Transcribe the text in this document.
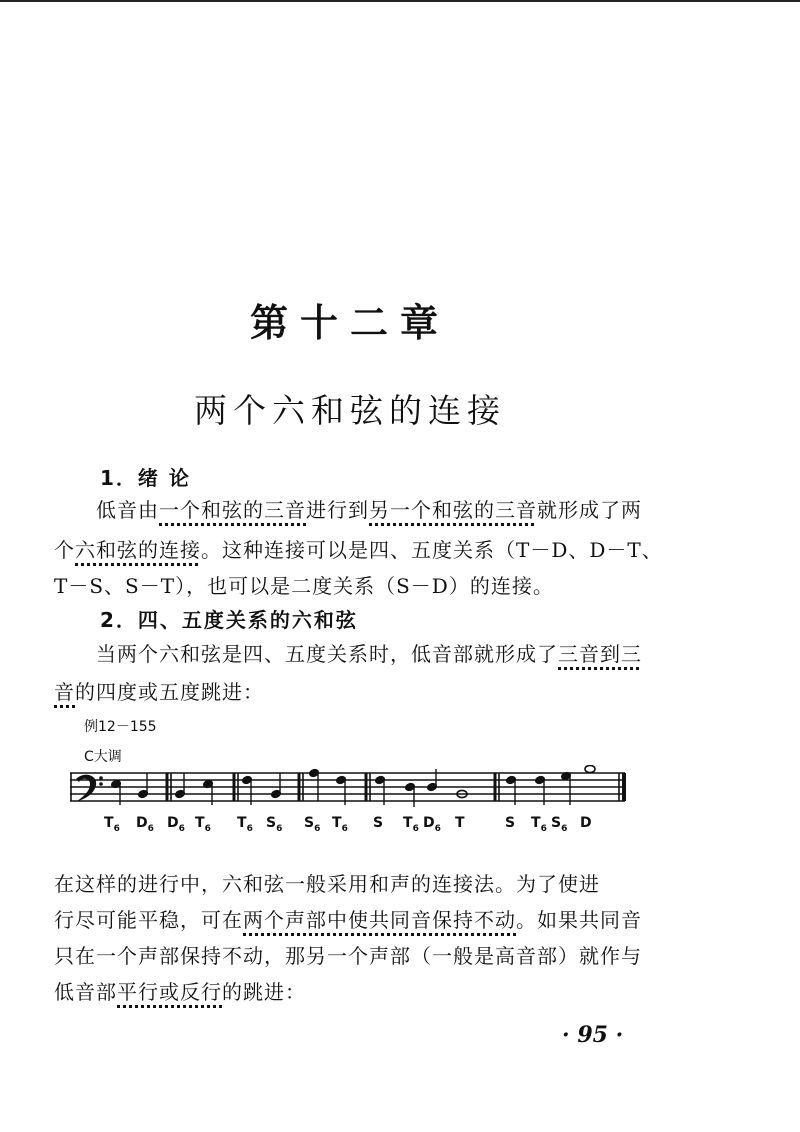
第十二章
两个六和弦的连接
1．绪 论
低音由一个和弦的三音进行到另一个和弦的三音就形成了两
个六和弦的连接。这种连接可以是四、五度关系（T－D、D－T、
T－S、S－T），也可以是二度关系（S－D）的连接。
2．四、五度关系的六和弦
当两个六和弦是四、五度关系时，低音部就形成了三音到三
音的四度或五度跳进：
例12－155
C大调
$T_6$ $D_6$ $D_6$ $T_6$ $T_6$ $S_6$ $S_6$ $T_6$ S $T_6$ $D_6$ T	S $T_6$ $S_6$ D
在这样的进行中，六和弦一般采用和声的连接法。为了使进
行尽可能平稳，可在两个声部中使共同音保持不动。如果共同音
只在一个声部保持不动，那另一个声部（一般是高音部）就作与
低音部平行或反行的跳进：
· 95 ·
